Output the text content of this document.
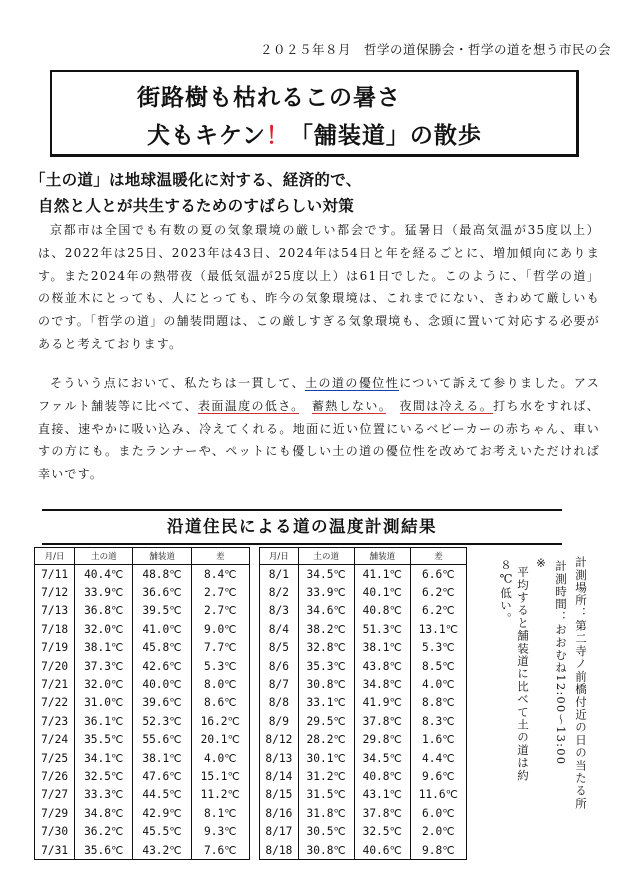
２０２５年８月　哲学の道保勝会・哲学の道を想う市民の会
街路樹も枯れるこの暑さ
犬もキケン！「舗装道」の散歩
「土の道」は地球温暖化に対する、経済的で、
自然と人とが共生するためのすばらしい対策

京都市は全国でも有数の夏の気象環境の厳しい都会です。猛暑日（最高気温が35度以上）は、2022年は25日、2023年は43日、2024年は54日と年を経るごとに、増加傾向にあります。また2024年の熱帯夜（最低気温が25度以上）は61日でした。このように、「哲学の道」の桜並木にとっても、人にとっても、昨今の気象環境は、これまでにない、きわめて厳しいものです。「哲学の道」の舗装問題は、この厳しすぎる気象環境も、念頭に置いて対応する必要があると考えております。

そういう点において、私たちは一貫して、土の道の優位性について訴えて参りました。アスファルト舗装等に比べて、表面温度の低さ。　 蓄熱しない。　 夜間は冷える。打ち水をすれば、直接、速やかに吸い込み、冷えてくれる。地面に近い位置にいるベビーカーの赤ちゃん、車いすの方にも。またランナーや、ペットにも優しい土の道の優位性を改めてお考えいただければ幸いです。

沿道住民による道の温度計測結果
月/日	土の道	舗装道	差
7/11	40.4℃	48.8℃	8.4℃
7/12	33.9℃	36.6℃	2.7℃
7/13	36.8℃	39.5℃	2.7℃
7/18	32.0℃	41.0℃	9.0℃
7/19	38.1℃	45.8℃	7.7℃
7/20	37.3℃	42.6℃	5.3℃
7/21	32.0℃	40.0℃	8.0℃
7/22	31.0℃	39.6℃	8.6℃
7/23	36.1℃	52.3℃	16.2℃
7/24	35.5℃	55.6℃	20.1℃
7/25	34.1℃	38.1℃	4.0℃
7/26	32.5℃	47.6℃	15.1℃
7/27	33.3℃	44.5℃	11.2℃
7/29	34.8℃	42.9℃	8.1℃
7/30	36.2℃	45.5℃	9.3℃
7/31	35.6℃	43.2℃	7.6℃
月/日	土の道	舗装道	差
8/1	34.5℃	41.1℃	6.6℃
8/2	33.9℃	40.1℃	6.2℃
8/3	34.6℃	40.8℃	6.2℃
8/4	38.2℃	51.3℃	13.1℃
8/5	32.8℃	38.1℃	5.3℃
8/6	35.3℃	43.8℃	8.5℃
8/7	30.8℃	34.8℃	4.0℃
8/8	33.1℃	41.9℃	8.8℃
8/9	29.5℃	37.8℃	8.3℃
8/12	28.2℃	29.8℃	1.6℃
8/13	30.1℃	34.5℃	4.4℃
8/14	31.2℃	40.8℃	9.6℃
8/15	31.5℃	43.1℃	11.6℃
8/16	31.8℃	37.8℃	6.0℃
8/17	30.5℃	32.5℃	2.0℃
8/18	30.8℃	40.6℃	9.8℃
計測場所：第二寺ノ前橋付近の日の当たる所
計測時間：おおむね12:00～13:00
※
平均すると舗装道に比べて土の道は約
８℃低い。
